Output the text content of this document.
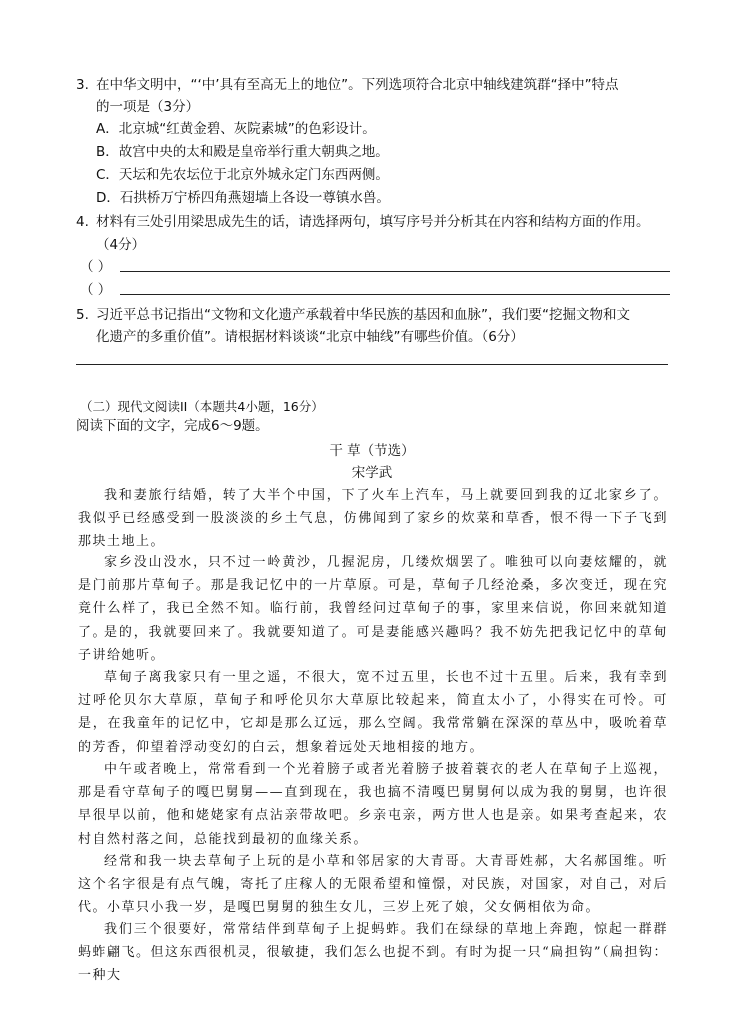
3. 在中华文明中，“‘中’具有至高无上的地位”。下列选项符合北京中轴线建筑群“择中”特点
的一项是（3分）
A．北京城“红黄金碧、灰院素城”的色彩设计。
B．故宫中央的太和殿是皇帝举行重大朝典之地。
C．天坛和先农坛位于北京外城永定门东西两侧。
D．石拱桥万宁桥四角燕翅墙上各设一尊镇水兽。
4. 材料有三处引用梁思成先生的话，请选择两句，填写序号并分析其在内容和结构方面的作用。
（4分）
（ ）
（ ）
5. 习近平总书记指出“文物和文化遗产承载着中华民族的基因和血脉”，我们要“挖掘文物和文
化遗产的多重价值”。请根据材料谈谈“北京中轴线”有哪些价值。（6分）
（二）现代文阅读II（本题共4小题，16分）
阅读下面的文字，完成6～9题。
干 草（节选）
宋学武
我和妻旅行结婚，转了大半个中国，下了火车上汽车，马上就要回到我的辽北家乡了。我似乎已经感受到一股淡淡的乡土气息，仿佛闻到了家乡的炊菜和草香，恨不得一下子飞到那块土地上。
家乡没山没水，只不过一岭黄沙，几握泥房，几缕炊烟罢了。唯独可以向妻炫耀的，就是门前那片草甸子。那是我记忆中的一片草原。可是，草甸子几经沧桑，多次变迁，现在究竟什么样了，我已全然不知。临行前，我曾经问过草甸子的事，家里来信说，你回来就知道了。
是的，我就要回来了。我就要知道了。可是妻能感兴趣吗？我不妨先把我记忆中的草甸子讲给她听。
草甸子离我家只有一里之遥，不很大，宽不过五里，长也不过十五里。后来，我有幸到过呼伦贝尔大草原，草甸子和呼伦贝尔大草原比较起来，简直太小了，小得实在可怜。可是，在我童年的记忆中，它却是那么辽远，那么空阔。我常常躺在深深的草丛中，吸吮着草的芳香，仰望着浮动变幻的白云，想象着远处天地相接的地方。
中午或者晚上，常常看到一个光着膀子或者光着膀子披着蓑衣的老人在草甸子上巡视，那是看守草甸子的嘎巴舅舅——直到现在，我也搞不清嘎巴舅舅何以成为我的舅舅，也许很早很早以前，他和姥姥家有点沾亲带故吧。乡亲屯亲，两方世人也是亲。如果考查起来，农村自然村落之间，总能找到最初的血缘关系。
经常和我一块去草甸子上玩的是小草和邻居家的大青哥。大青哥姓郝，大名郝国维。听这个名字很是有点气魄，寄托了庄稼人的无限希望和憧憬，对民族，对国家，对自己，对后代。小草只小我一岁，是嘎巴舅舅的独生女儿，三岁上死了娘，父女俩相依为命。
我们三个很要好，常常结伴到草甸子上捉蚂蚱。我们在绿绿的草地上奔跑，惊起一群群蚂蚱翩飞。但这东西很机灵，很敏捷，我们怎么也捉不到。有时为捉一只“扁担钩”（扁担钩：一种大
